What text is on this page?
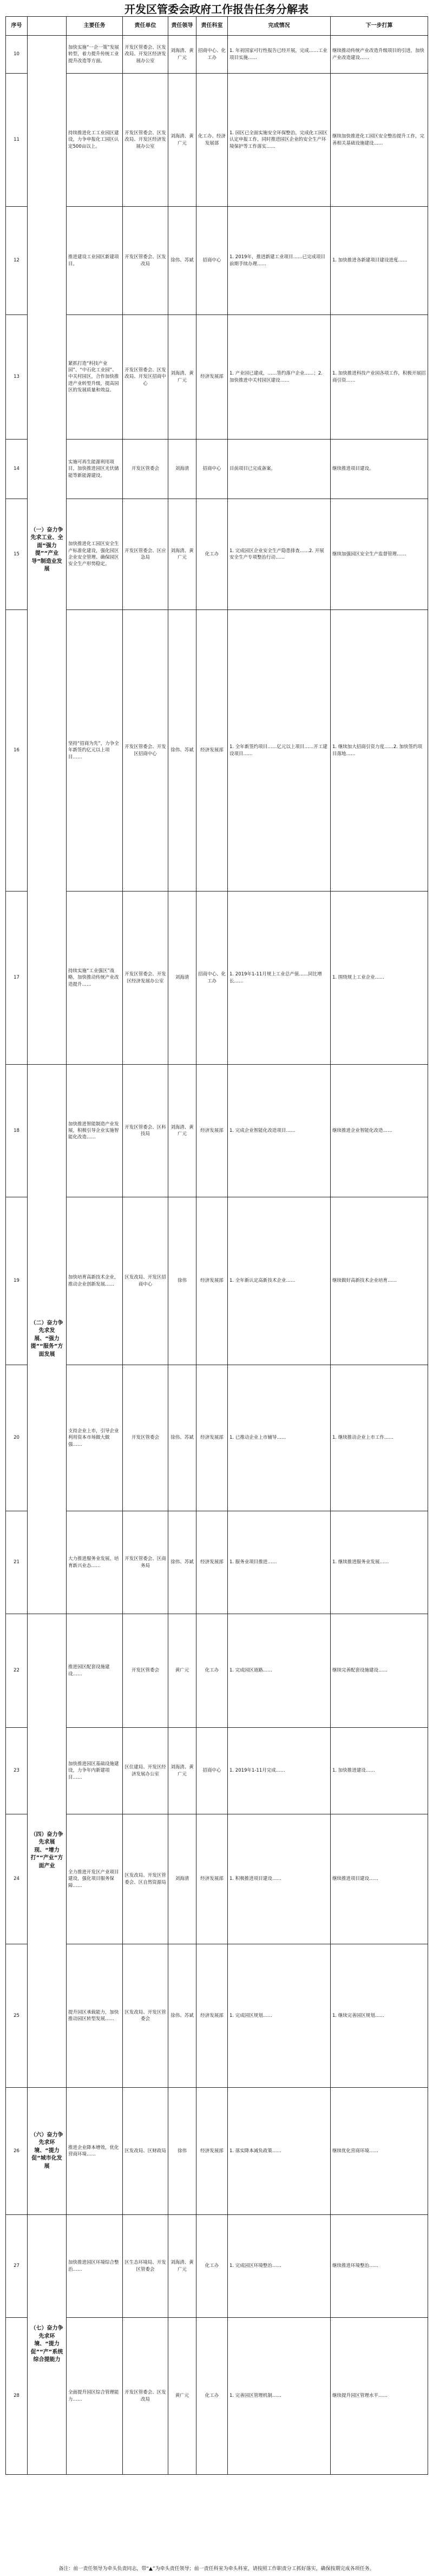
开发区管委会政府工作报告任务分解表
序号		主要任务	责任单位	责任领导	责任科室	完成情况	下一步打算
10	（一）奋力争先求工业、全面“强力提”“产业导”制造业发展	加快实施“一企一策”发展转型，着力提升传统工业提升改造等方面。	开发区管委会、区发改局、开发区经济发展办公室	刘海清、黄广元	招商中心、化工办	1. 年初国家可行性报告已经开展，完成……工业项目实施……	继续推动传统产业改造升级项目的引进，加快产业改造建设……
11		持续推进化工工业园区建设，力争申报化工园区认定500亩以上。	开发区管委会、区发改局、开发区经济发展办公室	刘海清、黄广元	化工办、经济发展部	1. 园区已全面实施安全环保整治，完成化工园区认定申报工作，同时推进园区企业的安全生产环境保护等工作落实……	继续加快推进化工园区安全整治提升工作，完善相关基础设施建设……
12		推进建设工业园区新建项目。	开发区管委会、区发改局	徐伟、苏斌	招商中心	1. 2019年，推进新建工业项目……已完成项目前期手续办理……	1. 加快推进各新建项目建设进度……
13		紧抓打造“科技产业园”、“中石化工业园”、中关村园区，合作加快推进产业转型升级，提高园区的发展质量和效益。	开发区管委会、区发改局、开发区招商中心	刘海清、黄广元	经济发展部	1. 产业园已建成，……签约落户企业……；2. 加快推进中关村园区建设……	1. 加快推进科技产业园各项工作，积极开展招商引资……
14		实施可再生能源利用项目，加快推进园区光伏储能等新能源建设。	开发区管委会	刘海清	招商中心	目前项目已完成备案。	继续推进项目建设。
15		加快推进化工园区安全生产标准化建设，强化园区企业安全管理、确保园区安全生产形势稳定。	开发区管委会、区应急局	刘海清、黄广元	化工办	1. 完成园区企业安全生产隐患排查……2. 开展安全生产专项整治行动……	继续加强园区安全生产监督管理……
16		坚持“招商为先”，力争全年新签约亿元以上项目……	开发区管委会、开发区招商中心	徐伟、苏斌	经济发展部	1. 全年新签约项目……亿元以上项目……开工建设项目……	1. 继续加大招商引资力度……2. 加快签约项目落地……
17		持续实施“工业强区”战略，加快推动传统产业改造提升……	开发区管委会、开发区经济发展办公室	刘海清	招商中心、化工办	1. 2019年1-11月规上工业总产值……同比增长……	1. 围绕规上工业企业……
18	（二）奋力争先求发展、“强力提”“服务”方面发展	加快推进智能制造产业发展，积极引导企业实施智能化改造……	开发区管委会、区科技局	刘海清、黄广元	经济发展部	1. 完成企业智能化改造项目……	继续推进企业智能化改造……
19		加快培育高新技术企业，推动企业创新发展……	区发改局、开发区招商中心	徐伟	经济发展部	1. 全年新认定高新技术企业……	继续做好高新技术企业培育……
20		支持企业上市，引导企业利用资本市场做大做强……	开发区管委会	徐伟、苏斌	经济发展部	1. 已推动企业上市辅导……	1. 继续推动企业上市工作……
21		大力推进服务业发展，培育新兴业态……	开发区管委会、区商务局	徐伟、苏斌	经济发展部	1. 服务业项目推进……	1. 继续推进服务业发展……
22	（四）奋力争先求展现、“增力打”“产业”方面产业	推进园区配套设施建设……	开发区管委会	黄广元	化工办	1. 完成园区道路……	继续完善配套设施建设……
23		加快推进园区基础设施建设，力争年内新建项目……	区住建局、开发区经济发展办公室	刘海清、黄广元	招商中心	1. 2019年1-11月完成……	1. 加快推进建设……
24		全力推进开发区产业项目建设，强化项目服务保障……	区发改局、开发区管委会、区自然资源局	刘海清	经济发展部	1. 积极推进项目建设……	继续推进项目建设……
25		提升园区承载能力，加快推动园区转型发展……	区发改局、开发区管委会	徐伟、苏斌	经济发展部	1. 完成园区规划……	1. 继续完善园区规划……
26	（六）奋力争先求环境、“提力促”城市化发展	推进企业降本增效，优化营商环境……	区发改局、区财政局	徐伟	经济发展部	1. 落实降本减负政策……	继续优化营商环境……
27	（七）奋力争先求环境、“提力促”“产”系统综合提能力	加快推进园区环境综合整治……	区生态环境局、开发区管委会	刘海清、黄广元	化工办	1. 完成园区环境整治……	继续推进环境整治……
28		全面提升园区综合管理能力……	开发区管委会、区发改局	黄广元	化工办	1. 完善园区管理机制……	继续提升园区管理水平……
备注：前一责任领导为牵头负责同志，带“▲”为牵头责任领导；前一责任科室为牵头科室，请按照工作职责分工抓好落实，确保按期完成各项任务。
